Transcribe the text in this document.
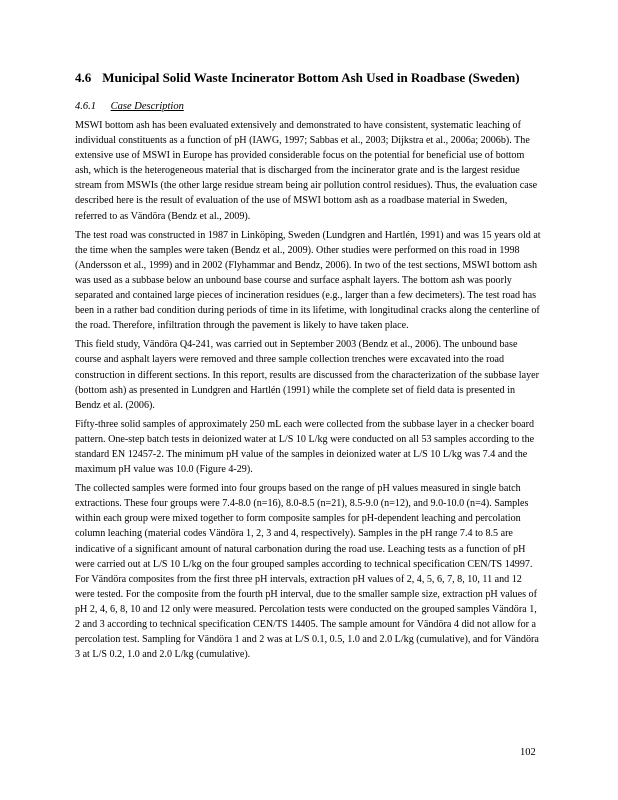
4.6 Municipal Solid Waste Incinerator Bottom Ash Used in Roadbase (Sweden)
4.6.1 Case Description

MSWI bottom ash has been evaluated extensively and demonstrated to have consistent, systematic leaching of individual constituents as a function of pH (IAWG, 1997; Sabbas et al., 2003; Dijkstra et al., 2006a; 2006b). The extensive use of MSWI in Europe has provided considerable focus on the potential for beneficial use of bottom ash, which is the heterogeneous material that is discharged from the incinerator grate and is the largest residue stream from MSWIs (the other large residue stream being air pollution control residues). Thus, the evaluation case described here is the result of evaluation of the use of MSWI bottom ash as a roadbase material in Sweden, referred to as Vändöra (Bendz et al., 2009).

The test road was constructed in 1987 in Linköping, Sweden (Lundgren and Hartlén, 1991) and was 15 years old at the time when the samples were taken (Bendz et al., 2009). Other studies were performed on this road in 1998 (Andersson et al., 1999) and in 2002 (Flyhammar and Bendz, 2006). In two of the test sections, MSWI bottom ash was used as a subbase below an unbound base course and surface asphalt layers. The bottom ash was poorly separated and contained large pieces of incineration residues (e.g., larger than a few decimeters). The test road has been in a rather bad condition during periods of time in its lifetime, with longitudinal cracks along the centerline of the road. Therefore, infiltration through the pavement is likely to have taken place.

This field study, Vändöra Q4‐241, was carried out in September 2003 (Bendz et al., 2006). The unbound base course and asphalt layers were removed and three sample collection trenches were excavated into the road construction in different sections. In this report, results are discussed from the characterization of the subbase layer (bottom ash) as presented in Lundgren and Hartlén (1991) while the complete set of field data is presented in Bendz et al. (2006).

Fifty‐three solid samples of approximately 250 mL each were collected from the subbase layer in a checker board pattern. One‐step batch tests in deionized water at L/S 10 L/kg were conducted on all 53 samples according to the standard EN 12457‐2. The minimum pH value of the samples in deionized water at L/S 10 L/kg was 7.4 and the maximum pH value was 10.0 (Figure 4‐29).

The collected samples were formed into four groups based on the range of pH values measured in single batch extractions. These four groups were 7.4‐8.0 (n=16), 8.0‐8.5 (n=21), 8.5‐9.0 (n=12), and 9.0‐10.0 (n=4). Samples within each group were mixed together to form composite samples for pH‐dependent leaching and percolation column leaching (material codes Vändöra 1, 2, 3 and 4, respectively). Samples in the pH range 7.4 to 8.5 are indicative of a significant amount of natural carbonation during the road use. Leaching tests as a function of pH were carried out at L/S 10 L/kg on the four grouped samples according to technical specification CEN/TS 14997. For Vändöra composites from the first three pH intervals, extraction pH values of 2, 4, 5, 6, 7, 8, 10, 11 and 12 were tested. For the composite from the fourth pH interval, due to the smaller sample size, extraction pH values of pH 2, 4, 6, 8, 10 and 12 only were measured. Percolation tests were conducted on the grouped samples Vändöra 1, 2 and 3 according to technical specification CEN/TS 14405. The sample amount for Vändöra 4 did not allow for a percolation test. Sampling for Vändöra 1 and 2 was at L/S 0.1, 0.5, 1.0 and 2.0 L/kg (cumulative), and for Vändöra 3 at L/S 0.2, 1.0 and 2.0 L/kg (cumulative).

102
